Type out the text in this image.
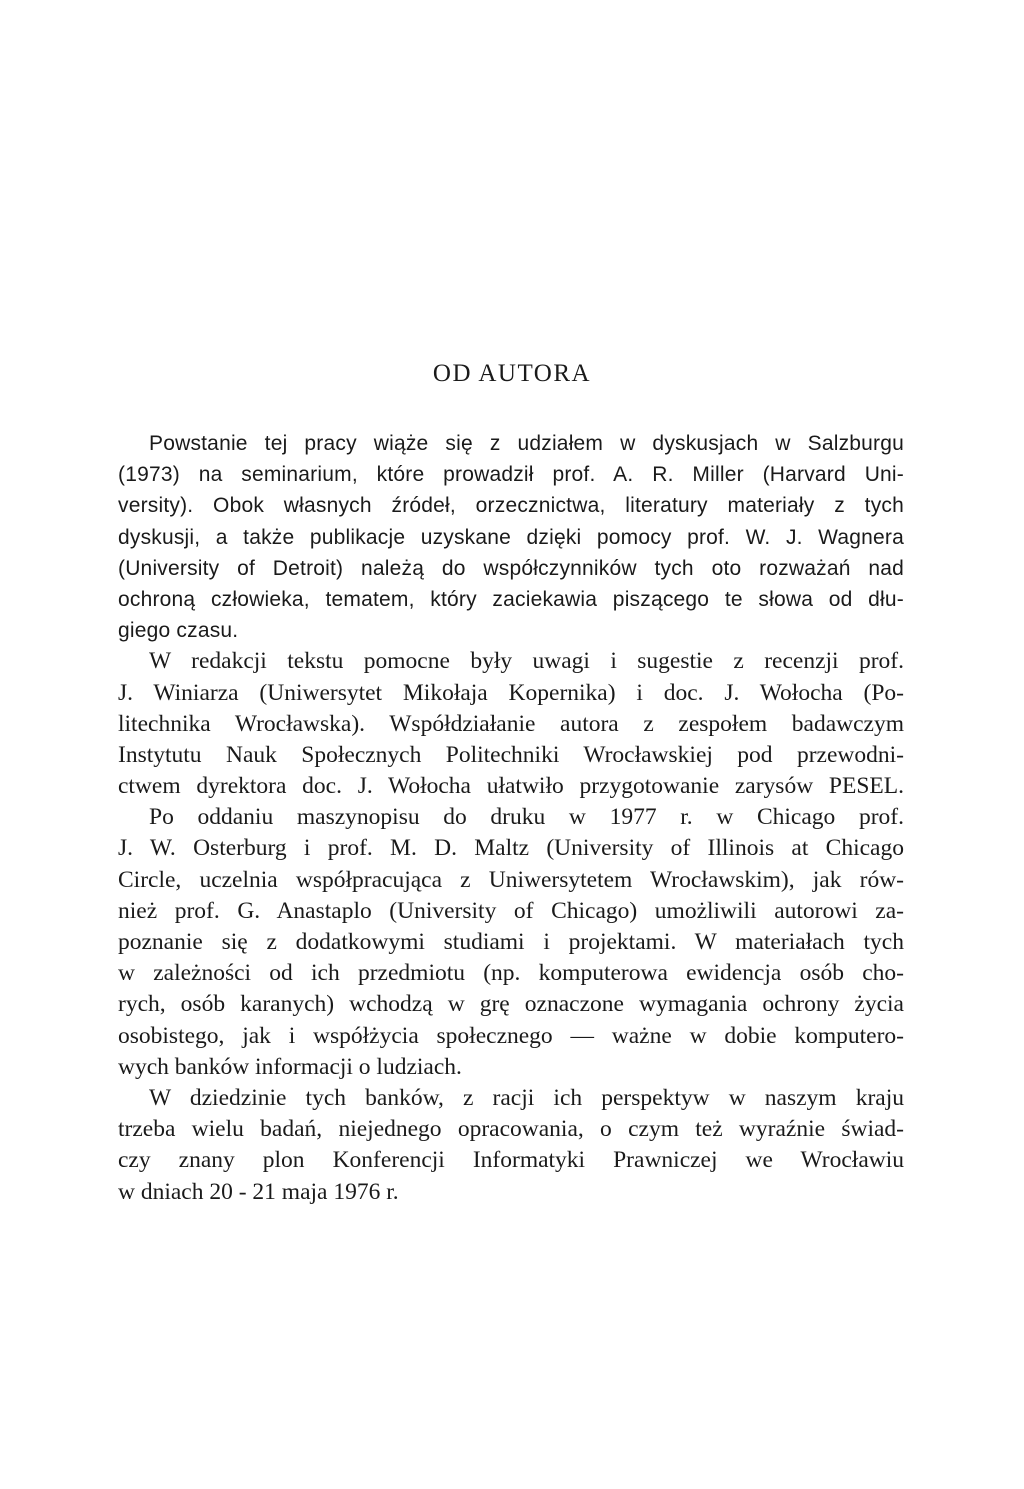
OD AUTORA
Powstanie tej pracy wiąże się z udziałem w dyskusjach w Salzburgu
(1973) na seminarium, które prowadził prof. A. R. Miller (Harvard Uni-
versity). Obok własnych źródeł, orzecznictwa, literatury materiały z tych
dyskusji, a także publikacje uzyskane dzięki pomocy prof. W. J. Wagnera
(University of Detroit) należą do współczynników tych oto rozważań nad
ochroną człowieka, tematem, który zaciekawia piszącego te słowa od dłu-
giego czasu.
W redakcji tekstu pomocne były uwagi i sugestie z recenzji prof.
J. Winiarza (Uniwersytet Mikołaja Kopernika) i doc. J. Wołocha (Po-
litechnika Wrocławska). Współdziałanie autora z zespołem badawczym
Instytutu Nauk Społecznych Politechniki Wrocławskiej pod przewodni-
ctwem dyrektora doc. J. Wołocha ułatwiło przygotowanie zarysów PESEL.
Po oddaniu maszynopisu do druku w 1977 r. w Chicago prof.
J. W. Osterburg i prof. M. D. Maltz (University of Illinois at Chicago
Circle, uczelnia współpracująca z Uniwersytetem Wrocławskim), jak rów-
nież prof. G. Anastaplo (University of Chicago) umożliwili autorowi za-
poznanie się z dodatkowymi studiami i projektami. W materiałach tych
w zależności od ich przedmiotu (np. komputerowa ewidencja osób cho-
rych, osób karanych) wchodzą w grę oznaczone wymagania ochrony życia
osobistego, jak i współżycia społecznego — ważne w dobie komputero-
wych banków informacji o ludziach.
W dziedzinie tych banków, z racji ich perspektyw w naszym kraju
trzeba wielu badań, niejednego opracowania, o czym też wyraźnie świad-
czy znany plon Konferencji Informatyki Prawniczej we Wrocławiu
w dniach 20 - 21 maja 1976 r.
